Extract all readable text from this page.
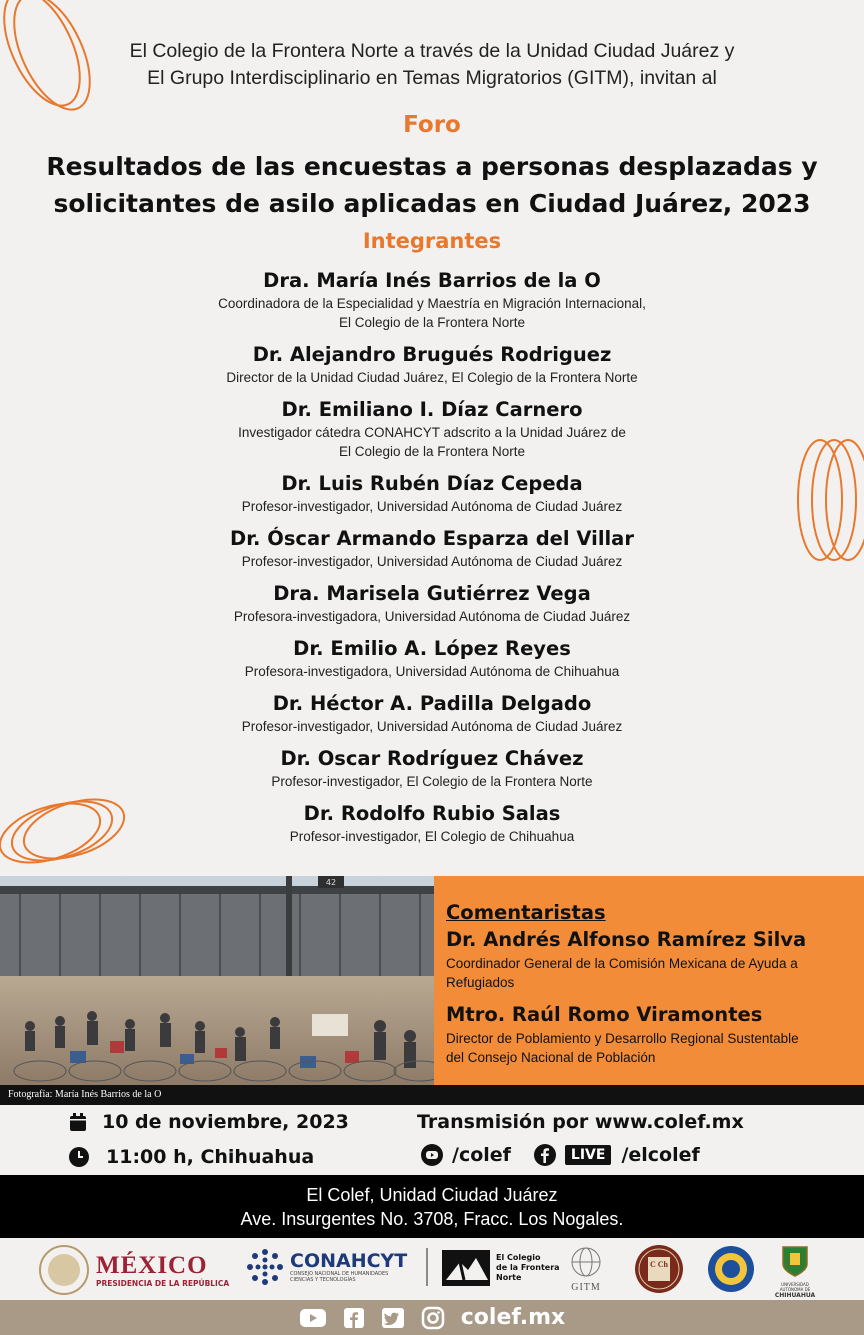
El Colegio de la Frontera Norte a través de la Unidad Ciudad Juárez y
El Grupo Interdisciplinario en Temas Migratorios (GITM), invitan al
Foro
Resultados de las encuestas a personas desplazadas y
solicitantes de asilo aplicadas en Ciudad Juárez, 2023
Integrantes
Dra. María Inés Barrios de la O
Coordinadora de la Especialidad y Maestría en Migración Internacional,
El Colegio de la Frontera Norte
Dr. Alejandro Brugués Rodriguez
Director de la Unidad Ciudad Juárez, El Colegio de la Frontera Norte
Dr. Emiliano I. Díaz Carnero
Investigador cátedra CONAHCYT adscrito a la Unidad Juárez de
El Colegio de la Frontera Norte
Dr. Luis Rubén Díaz Cepeda
Profesor-investigador, Universidad Autónoma de Ciudad Juárez
Dr. Óscar Armando Esparza del Villar
Profesor-investigador, Universidad Autónoma de Ciudad Juárez
Dra. Marisela Gutiérrez Vega
Profesora-investigadora, Universidad Autónoma de Ciudad Juárez
Dr. Emilio A. López Reyes
Profesora-investigadora, Universidad Autónoma de Chihuahua
Dr. Héctor A. Padilla Delgado
Profesor-investigador, Universidad Autónoma de Ciudad Juárez
Dr. Oscar Rodríguez Chávez
Profesor-investigador, El Colegio de la Frontera Norte
Dr. Rodolfo Rubio Salas
Profesor-investigador, El Colegio de Chihuahua
42
Comentaristas
Dr. Andrés Alfonso Ramírez Silva
Coordinador General de la Comisión Mexicana de Ayuda a
Refugiados
Mtro. Raúl Romo Viramontes
Director de Poblamiento y Desarrollo Regional Sustentable
del Consejo Nacional de Población
Fotografía: María Inés Barrios de la O
10 de noviembre, 2023
11:00 h, Chihuahua
Transmisión por www.colef.mx
/colef	LIVE /elcolef
El Colef, Unidad Ciudad Juárez
Ave. Insurgentes No. 3708, Fracc. Los Nogales.
MÉXICO
PRESIDENCIA DE LA REPÚBLICA
CONAHCYT
CONSEJO NACIONAL DE HUMANIDADES
CIENCIAS Y TECNOLOGÍAS
El Colegio
de la Frontera
Norte
GITM
C Ch
UNIVERSIDAD AUTÓNOMA DE
CHIHUAHUA
colef.mx
